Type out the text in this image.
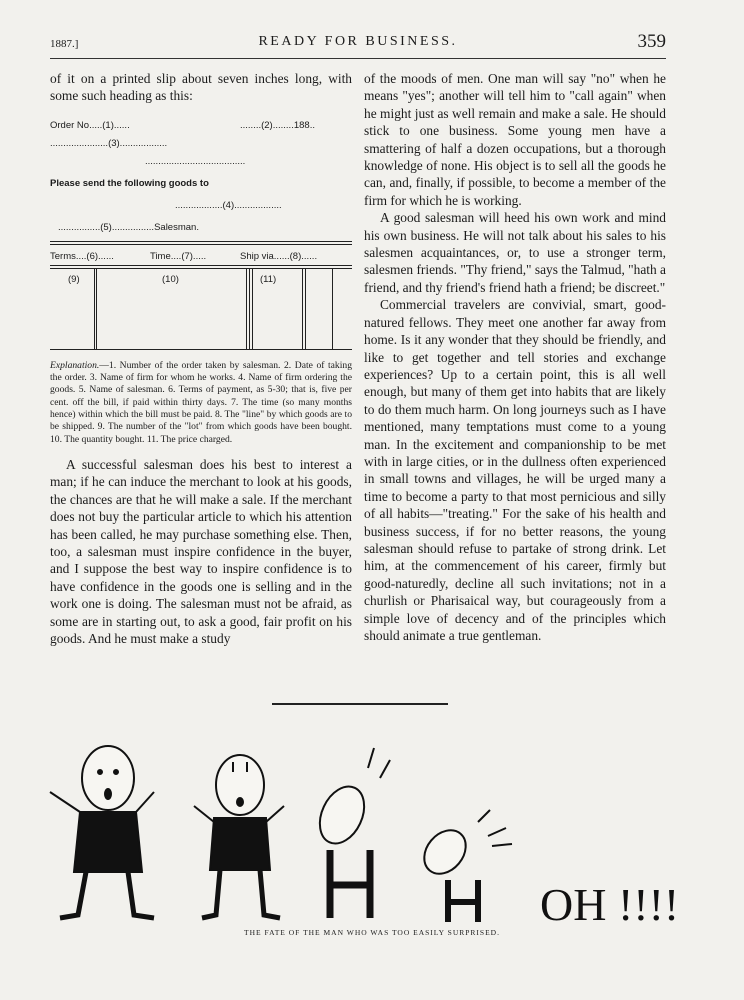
1887.]	READY FOR BUSINESS.	359

of it on a printed slip about seven inches long, with some such heading as this:

Order No.....(1)......	........(2)........188..
......................(3)..................
......................................
Please send the following goods to
..................(4)..................
................(5)................Salesman.
Terms....(6)......	Time....(7).....	Ship via......(8)......
(9)	(10)	(11)
Explanation.—1. Number of the order taken by salesman. 2. Date of taking the order. 3. Name of firm for whom he works. 4. Name of firm ordering the goods. 5. Name of salesman. 6. Terms of payment, as 5-30; that is, five per cent. off the bill, if paid within thirty days. 7. The time (so many months hence) within which the bill must be paid. 8. The "line" by which goods are to be shipped. 9. The number of the "lot" from which goods have been bought. 10. The quantity bought. 11. The price charged.

A successful salesman does his best to interest a man; if he can induce the merchant to look at his goods, the chances are that he will make a sale. If the merchant does not buy the particular article to which his attention has been called, he may purchase something else. Then, too, a salesman must inspire confidence in the buyer, and I suppose the best way to inspire confidence is to have confidence in the goods one is selling and in the work one is doing. The salesman must not be afraid, as some are in starting out, to ask a good, fair profit on his goods. And he must make a study

of the moods of men. One man will say "no" when he means "yes"; another will tell him to "call again" when he might just as well remain and make a sale. He should stick to one business. Some young men have a smattering of half a dozen occupations, but a thorough knowledge of none. His object is to sell all the goods he can, and, finally, if possible, to become a member of the firm for which he is working.

A good salesman will heed his own work and mind his own business. He will not talk about his sales to his salesmen acquaintances, or, to use a stronger term, salesmen friends. "Thy friend," says the Talmud, "hath a friend, and thy friend's friend hath a friend; be discreet."

Commercial travelers are convivial, smart, good-natured fellows. They meet one another far away from home. Is it any wonder that they should be friendly, and like to get together and tell stories and exchange experiences? Up to a certain point, this is all well enough, but many of them get into habits that are likely to do them much harm. On long journeys such as I have mentioned, many temptations must come to a young man. In the excitement and companionship to be met with in large cities, or in the dullness often experienced in small towns and villages, he will be urged many a time to become a party to that most pernicious and silly of all habits—"treating." For the sake of his health and business success, if for no better reasons, the young salesman should refuse to partake of strong drink. Let him, at the commencement of his career, firmly but good-naturedly, decline all such invitations; not in a churlish or Pharisaical way, but courageously from a simple love of decency and of the principles which should animate a true gentleman.

OH !!!!
THE FATE OF THE MAN WHO WAS TOO EASILY SURPRISED.
